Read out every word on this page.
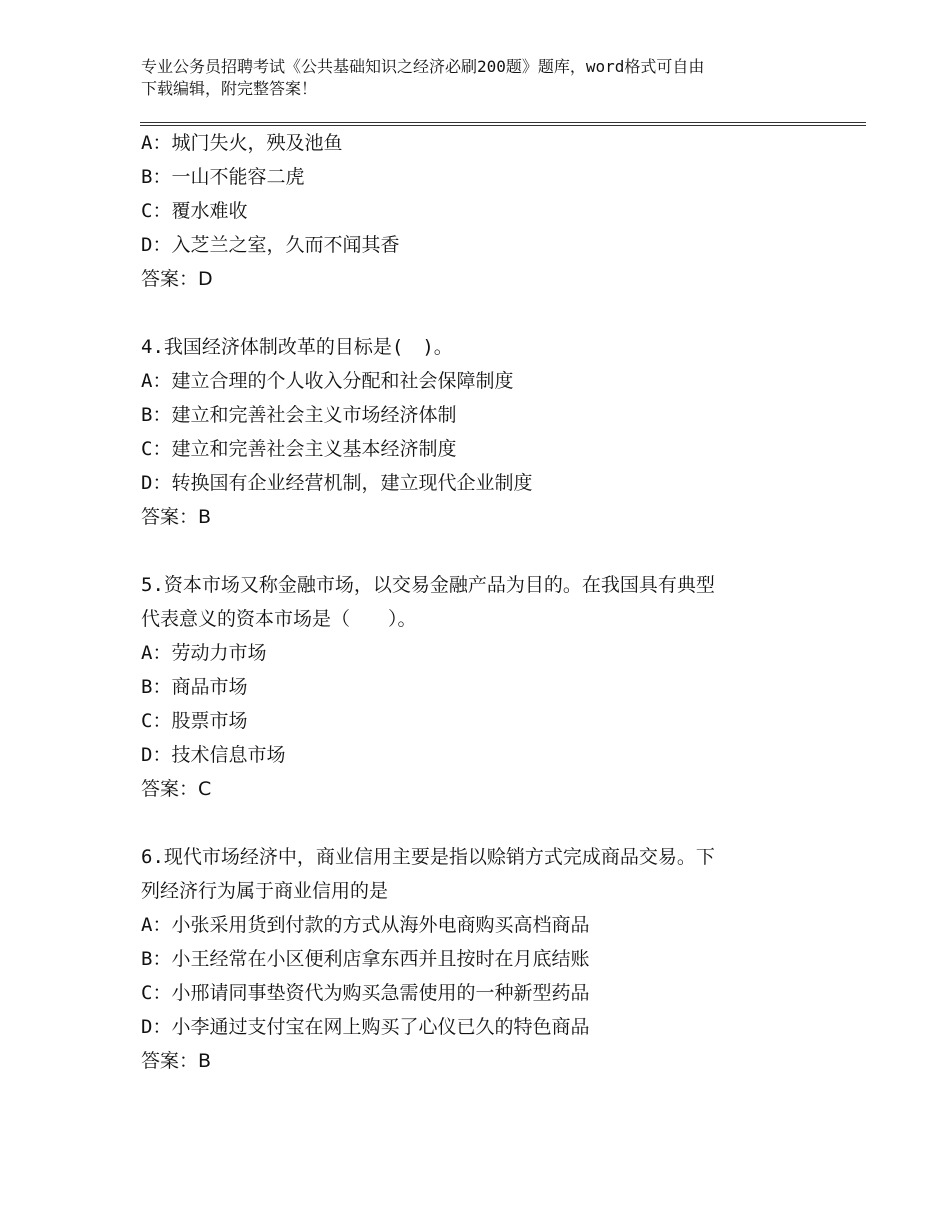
专业公务员招聘考试《公共基础知识之经济必刷200题》题库，word格式可自由
下载编辑，附完整答案！
A：城门失火，殃及池鱼
B：一山不能容二虎
C：覆水难收
D：入芝兰之室，久而不闻其香
答案：D
4.我国经济体制改革的目标是(　)。
A：建立合理的个人收入分配和社会保障制度
B：建立和完善社会主义市场经济体制
C：建立和完善社会主义基本经济制度
D：转换国有企业经营机制，建立现代企业制度
答案：B
5.资本市场又称金融市场，以交易金融产品为目的。在我国具有典型
代表意义的资本市场是（　　）。
A：劳动力市场
B：商品市场
C：股票市场
D：技术信息市场
答案：C
6.现代市场经济中，商业信用主要是指以赊销方式完成商品交易。下
列经济行为属于商业信用的是
A：小张采用货到付款的方式从海外电商购买高档商品
B：小王经常在小区便利店拿东西并且按时在月底结账
C：小邢请同事垫资代为购买急需使用的一种新型药品
D：小李通过支付宝在网上购买了心仪已久的特色商品
答案：B
